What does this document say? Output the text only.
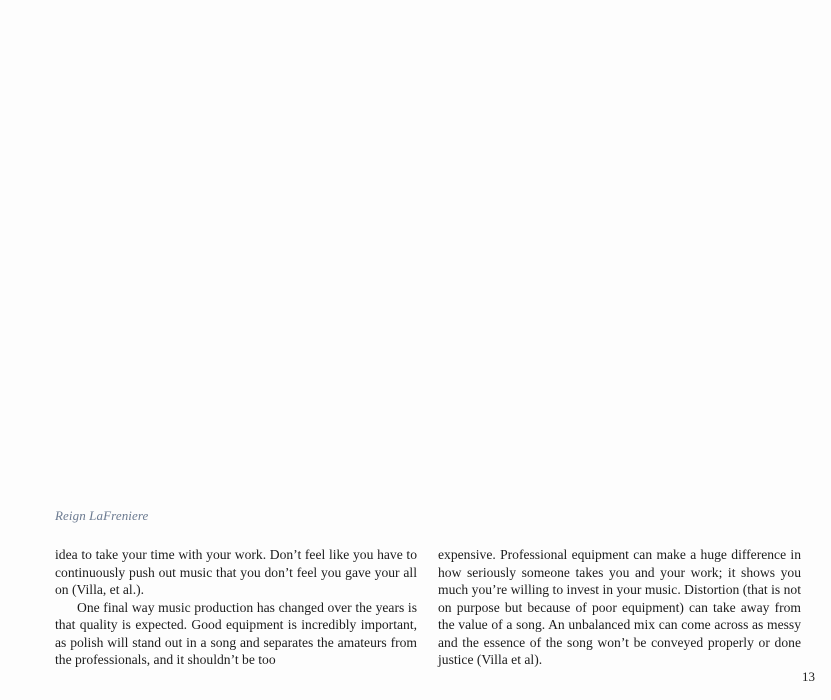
Reign LaFreniere

idea to take your time with your work. Don’t feel like you have to continuously push out music that you don’t feel you gave your all on (Villa, et al.).

One final way music production has changed over the years is that quality is expected. Good equipment is incredibly important, as polish will stand out in a song and separates the amateurs from the professionals, and it shouldn’t be too

expensive. Professional equipment can make a huge difference in how seriously someone takes you and your work; it shows you much you’re willing to invest in your music. Distortion (that is not on purpose but because of poor equipment) can take away from the value of a song. An unbalanced mix can come across as messy and the essence of the song won’t be conveyed properly or done justice (Villa et al).

13
